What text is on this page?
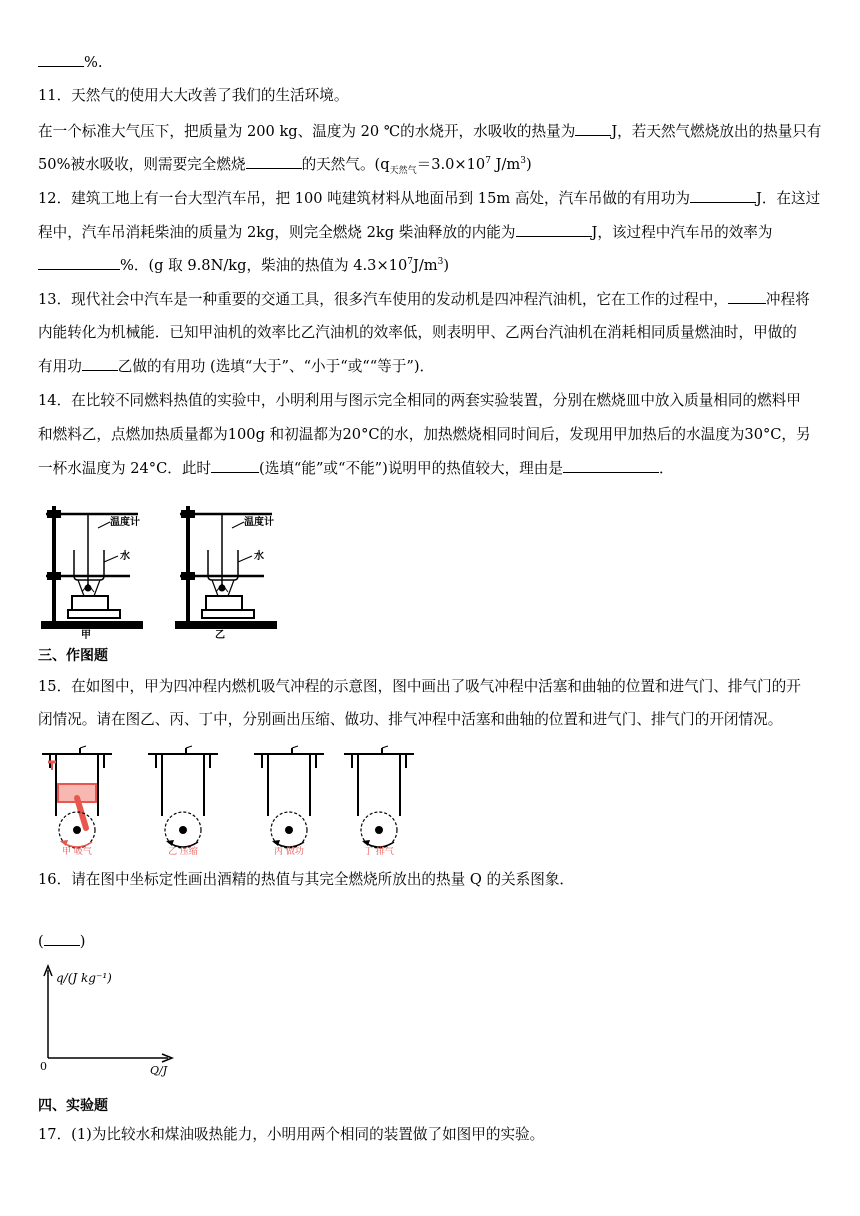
%.
11．天然气的使用大大改善了我们的生活环境。
在一个标准大气压下，把质量为 200 kg、温度为 20 ℃的水烧开，水吸收的热量为 J，若天然气燃烧放出的热量只有
50%被水吸收，则需要完全燃烧	的天然气。($q_{天然气}=3.0\times 10^7$ $J/m^3$)
12．建筑工地上有一台大型汽车吊，把 100 吨建筑材料从地面吊到 15m 高处，汽车吊做的有用功为	J．在这过
程中，汽车吊消耗柴油的质量为 2kg，则完全燃烧 2kg 柴油释放的内能为	J，该过程中汽车吊的效率为
%．(g 取 9.8N/kg，柴油的热值为 $4.3\times 10^7J/m^3$)
13．现代社会中汽车是一种重要的交通工具，很多汽车使用的发动机是四冲程汽油机，它在工作的过程中，	冲程将
内能转化为机械能．已知甲油机的效率比乙汽油机的效率低，则表明甲、乙两台汽油机在消耗相同质量燃油时，甲做的
有用功 乙做的有用功 (选填“大于”、“小于“或““等于”)．
14．在比较不同燃料热值的实验中，小明利用与图示完全相同的两套实验装置，分别在燃烧皿中放入质量相同的燃料甲
和燃料乙，点燃加热质量都为100g 和初温都为20°C的水，加热燃烧相同时间后，发现用甲加热后的水温度为30°C，另
一杯水温度为 24°C．此时	(选填“能”或“不能”)说明甲的热值较大，理由是	．
温度计
水
甲
温度计
水
乙
三、作图题
15．在如图中，甲为四冲程内燃机吸气冲程的示意图，图中画出了吸气冲程中活塞和曲轴的位置和进气门、排气门的开
闭情况。请在图乙、丙、丁中，分别画出压缩、做功、排气冲程中活塞和曲轴的位置和进气门、排气门的开闭情况。
甲 吸气	乙 压缩	丙 做功	丁 排气
16．请在图中坐标定性画出酒精的热值与其完全燃烧所放出的热量 Q 的关系图象．
( )
q/(J kg⁻¹)
Q/J
0
四、实验题
17．(1)为比较水和煤油吸热能力，小明用两个相同的装置做了如图甲的实验。
